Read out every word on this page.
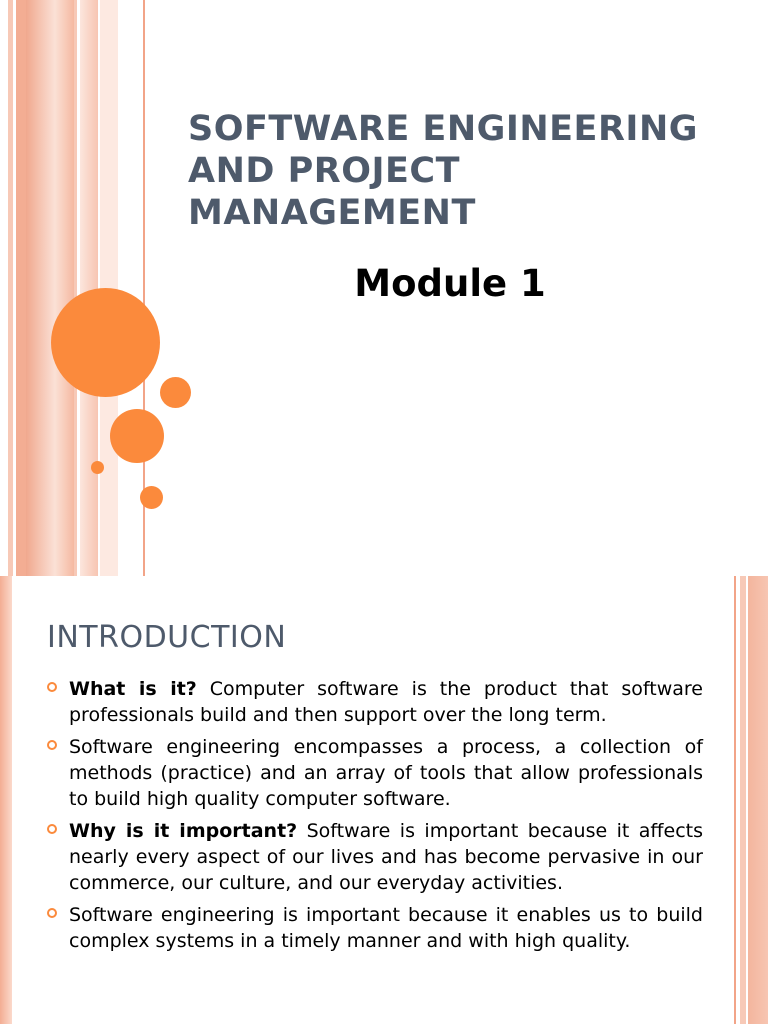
SOFTWARE ENGINEERING AND PROJECT MANAGEMENT
Module 1
INTRODUCTION
What is it? Computer software is the product that software professionals build and then support over the long term.
Software engineering encompasses a process, a collection of methods (practice) and an array of tools that allow professionals to build high quality computer software.
Why is it important? Software is important because it affects nearly every aspect of our lives and has become pervasive in our commerce, our culture, and our everyday activities.
Software engineering is important because it enables us to build complex systems in a timely manner and with high quality.
